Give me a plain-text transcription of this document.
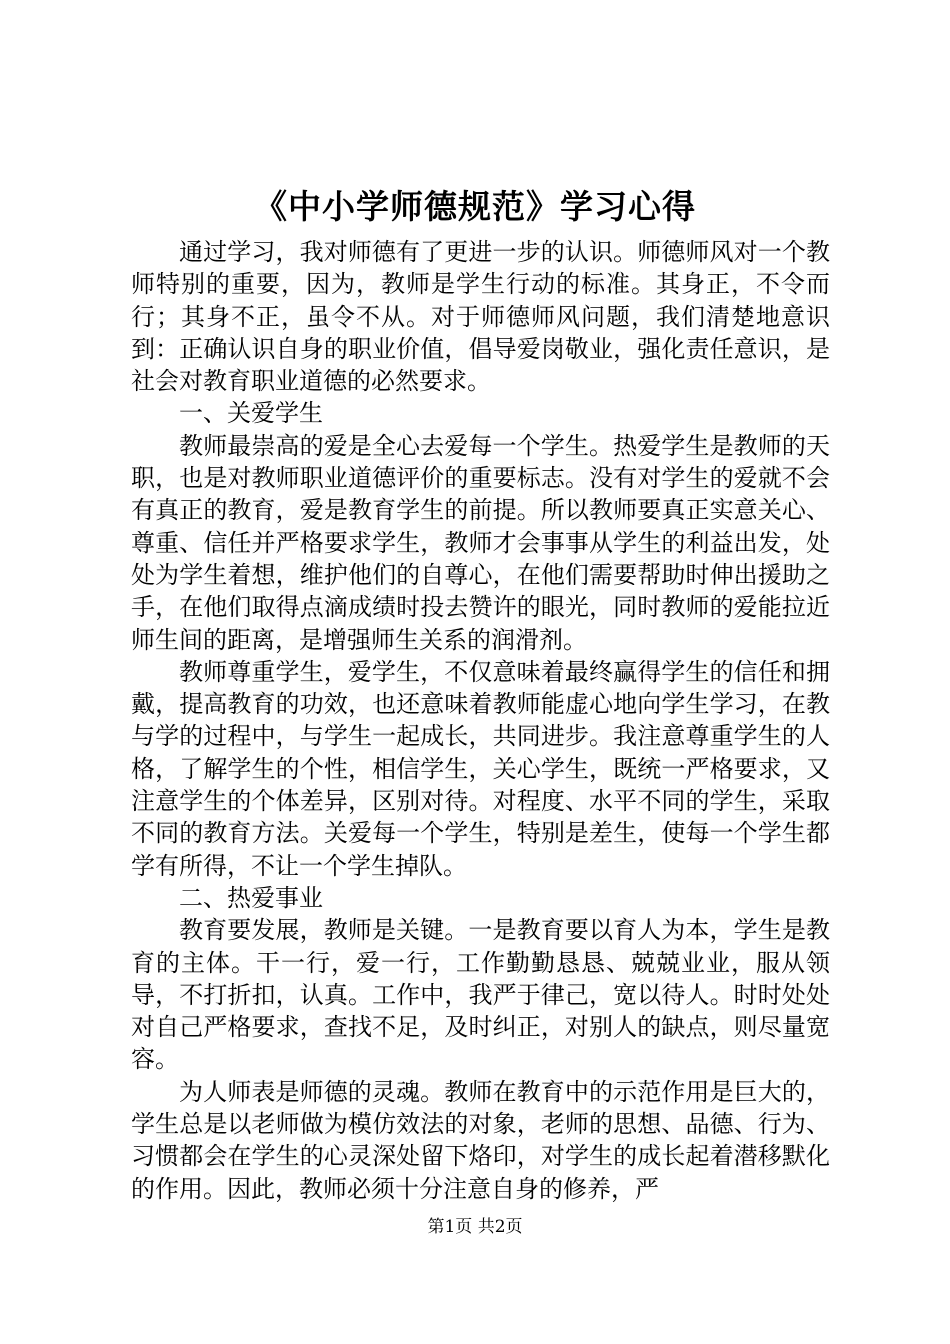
《中小学师德规范》学习心得

通过学习，我对师德有了更进一步的认识。师德师风对一个教师特别的重要，因为，教师是学生行动的标准。其身正，不令而行；其身不正，虽令不从。对于师德师风问题，我们清楚地意识到：正确认识自身的职业价值，倡导爱岗敬业，强化责任意识，是社会对教育职业道德的必然要求。

一、关爱学生

教师最崇高的爱是全心去爱每一个学生。热爱学生是教师的天职，也是对教师职业道德评价的重要标志。没有对学生的爱就不会有真正的教育，爱是教育学生的前提。所以教师要真正实意关心、尊重、信任并严格要求学生，教师才会事事从学生的利益出发，处处为学生着想，维护他们的自尊心，在他们需要帮助时伸出援助之手，在他们取得点滴成绩时投去赞许的眼光，同时教师的爱能拉近师生间的距离，是增强师生关系的润滑剂。

教师尊重学生，爱学生，不仅意味着最终赢得学生的信任和拥戴，提高教育的功效，也还意味着教师能虚心地向学生学习，在教与学的过程中，与学生一起成长，共同进步。我注意尊重学生的人格，了解学生的个性，相信学生，关心学生，既统一严格要求，又注意学生的个体差异，区别对待。对程度、水平不同的学生，采取不同的教育方法。关爱每一个学生，特别是差生，使每一个学生都学有所得，不让一个学生掉队。

二、热爱事业

教育要发展，教师是关键。一是教育要以育人为本，学生是教育的主体。干一行，爱一行，工作勤勤恳恳、兢兢业业，服从领导，不打折扣，认真。工作中，我严于律己，宽以待人。时时处处对自己严格要求，查找不足，及时纠正，对别人的缺点，则尽量宽容。

为人师表是师德的灵魂。教师在教育中的示范作用是巨大的，学生总是以老师做为模仿效法的对象，老师的思想、品德、行为、习惯都会在学生的心灵深处留下烙印，对学生的成长起着潜移默化的作用。因此，教师必须十分注意自身的修养，严

第1页 共2页
